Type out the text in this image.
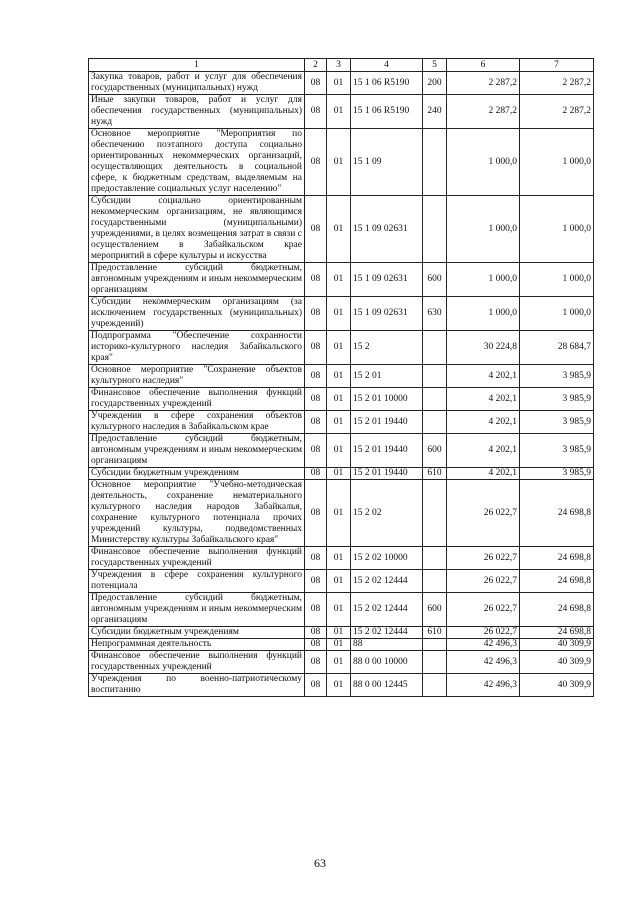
1	2	3	4	5	6	7
Закупка товаров, работ и услуг для обеспечения государственных (муниципальных) нужд	08	01	15 1 06 R5190	200	2 287,2	2 287,2
Иные закупки товаров, работ и услуг для обеспечения государственных (муниципальных) нужд	08	01	15 1 06 R5190	240	2 287,2	2 287,2
Основное мероприятие "Мероприятия по обеспечению поэтапного доступа социально ориентированных некоммерческих организаций, осуществляющих деятельность в социальной сфере, к бюджетным средствам, выделяемым на предоставление социальных услуг населению"	08	01	15 1 09		1 000,0	1 000,0
Субсидии социально ориентированным некоммерческим организациям, не являющимся государственными (муниципальными) учреждениями, в целях возмещения затрат в связи с осуществлением в Забайкальском крае мероприятий в сфере культуры и искусства	08	01	15 1 09 02631		1 000,0	1 000,0
Предоставление субсидий бюджетным, автономным учреждениям и иным некоммерческим организациям	08	01	15 1 09 02631	600	1 000,0	1 000,0
Субсидии некоммерческим организациям (за исключением государственных (муниципальных) учреждений)	08	01	15 1 09 02631	630	1 000,0	1 000,0
Подпрограмма "Обеспечение сохранности историко-культурного наследия Забайкальского края"	08	01	15 2		30 224,8	28 684,7
Основное мероприятие "Сохранение объектов культурного наследия"	08	01	15 2 01		4 202,1	3 985,9
Финансовое обеспечение выполнения функций государственных учреждений	08	01	15 2 01 10000		4 202,1	3 985,9
Учреждения в сфере сохранения объектов культурного наследия в Забайкальском крае	08	01	15 2 01 19440		4 202,1	3 985,9
Предоставление субсидий бюджетным, автономным учреждениям и иным некоммерческим организациям	08	01	15 2 01 19440	600	4 202,1	3 985,9
Субсидии бюджетным учреждениям	08	01	15 2 01 19440	610	4 202,1	3 985,9
Основное мероприятие "Учебно-методическая деятельность, сохранение нематериального культурного наследия народов Забайкалья, сохранение культурного потенциала прочих учреждений культуры, подведомственных Министерству культуры Забайкальского края"	08	01	15 2 02		26 022,7	24 698,8
Финансовое обеспечение выполнения функций государственных учреждений	08	01	15 2 02 10000		26 022,7	24 698,8
Учреждения в сфере сохранения культурного потенциала	08	01	15 2 02 12444		26 022,7	24 698,8
Предоставление субсидий бюджетным, автономным учреждениям и иным некоммерческим организациям	08	01	15 2 02 12444	600	26 022,7	24 698,8
Субсидии бюджетным учреждениям	08	01	15 2 02 12444	610	26 022,7	24 698,8
Непрограммная деятельность	08	01	88		42 496,3	40 309,9
Финансовое обеспечение выполнения функций государственных учреждений	08	01	88 0 00 10000		42 496,3	40 309,9
Учреждения по военно-патриотическому воспитанию	08	01	88 0 00 12445		42 496,3	40 309,9
63
